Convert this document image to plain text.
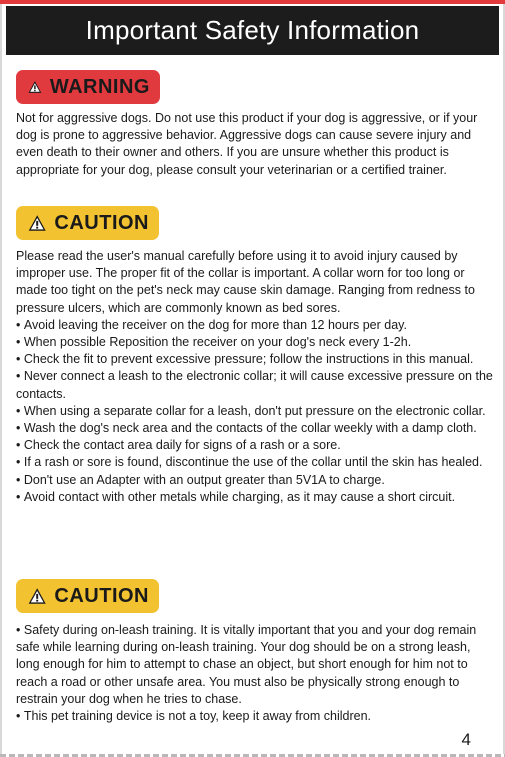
Important Safety Information
WARNING

Not for aggressive dogs. Do not use this product if your dog is aggressive, or if your dog is prone to aggressive behavior. Aggressive dogs can cause severe injury and even death to their owner and others. If you are unsure whether this product is appropriate for your dog, please consult your veterinarian or a certified trainer.

CAUTION

Please read the user's manual carefully before using it to avoid injury caused by improper use. The proper fit of the collar is important. A collar worn for too long or made too tight on the pet's neck may cause skin damage. Ranging from redness to pressure ulcers, which are commonly known as bed sores.

• Avoid leaving the receiver on the dog for more than 12 hours per day.
• When possible Reposition the receiver on your dog's neck every 1-2h.
• Check the fit to prevent excessive pressure; follow the instructions in this manual.
• Never connect a leash to the electronic collar; it will cause excessive pressure on the contacts.
• When using a separate collar for a leash, don't put pressure on the electronic collar.
• Wash the dog's neck area and the contacts of the collar weekly with a damp cloth.
• Check the contact area daily for signs of a rash or a sore.
• If a rash or sore is found, discontinue the use of the collar until the skin has healed.
• Don't use an Adapter with an output greater than 5V1A to charge.
• Avoid contact with other metals while charging, as it may cause a short circuit.
CAUTION
• Safety during on-leash training. It is vitally important that you and your dog remain safe while learning during on-leash training. Your dog should be on a strong leash, long enough for him to attempt to chase an object, but short enough for him not to reach a road or other unsafe area. You must also be physically strong enough to restrain your dog when he tries to chase.
• This pet training device is not a toy, keep it away from children.
4
